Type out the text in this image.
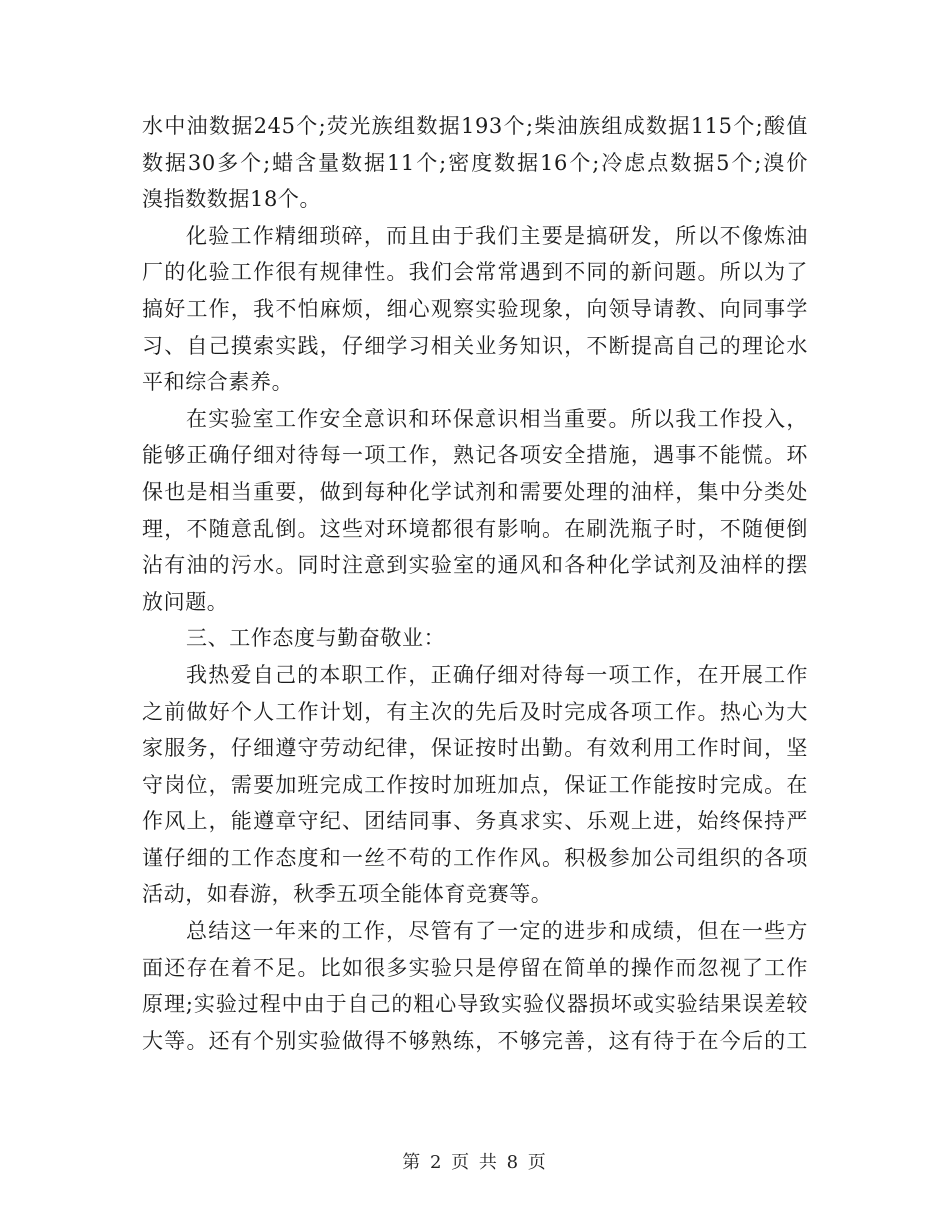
水中油数据245个;荧光族组数据193个;柴油族组成数据115个;酸值
数据30多个;蜡含量数据11个;密度数据16个;冷虑点数据5个;溴价
溴指数数据18个。
化验工作精细琐碎，而且由于我们主要是搞研发，所以不像炼油
厂的化验工作很有规律性。我们会常常遇到不同的新问题。所以为了
搞好工作，我不怕麻烦，细心观察实验现象，向领导请教、向同事学
习、自己摸索实践，仔细学习相关业务知识，不断提高自己的理论水
平和综合素养。
在实验室工作安全意识和环保意识相当重要。所以我工作投入，
能够正确仔细对待每一项工作，熟记各项安全措施，遇事不能慌。环
保也是相当重要，做到每种化学试剂和需要处理的油样，集中分类处
理，不随意乱倒。这些对环境都很有影响。在刷洗瓶子时，不随便倒
沾有油的污水。同时注意到实验室的通风和各种化学试剂及油样的摆
放问题。
三、工作态度与勤奋敬业：
我热爱自己的本职工作，正确仔细对待每一项工作，在开展工作
之前做好个人工作计划，有主次的先后及时完成各项工作。热心为大
家服务，仔细遵守劳动纪律，保证按时出勤。有效利用工作时间，坚
守岗位，需要加班完成工作按时加班加点，保证工作能按时完成。在
作风上，能遵章守纪、团结同事、务真求实、乐观上进，始终保持严
谨仔细的工作态度和一丝不苟的工作作风。积极参加公司组织的各项
活动，如春游，秋季五项全能体育竞赛等。
总结这一年来的工作，尽管有了一定的进步和成绩，但在一些方
面还存在着不足。比如很多实验只是停留在简单的操作而忽视了工作
原理;实验过程中由于自己的粗心导致实验仪器损坏或实验结果误差较
大等。还有个别实验做得不够熟练，不够完善，这有待于在今后的工
第 2 页 共 8 页
